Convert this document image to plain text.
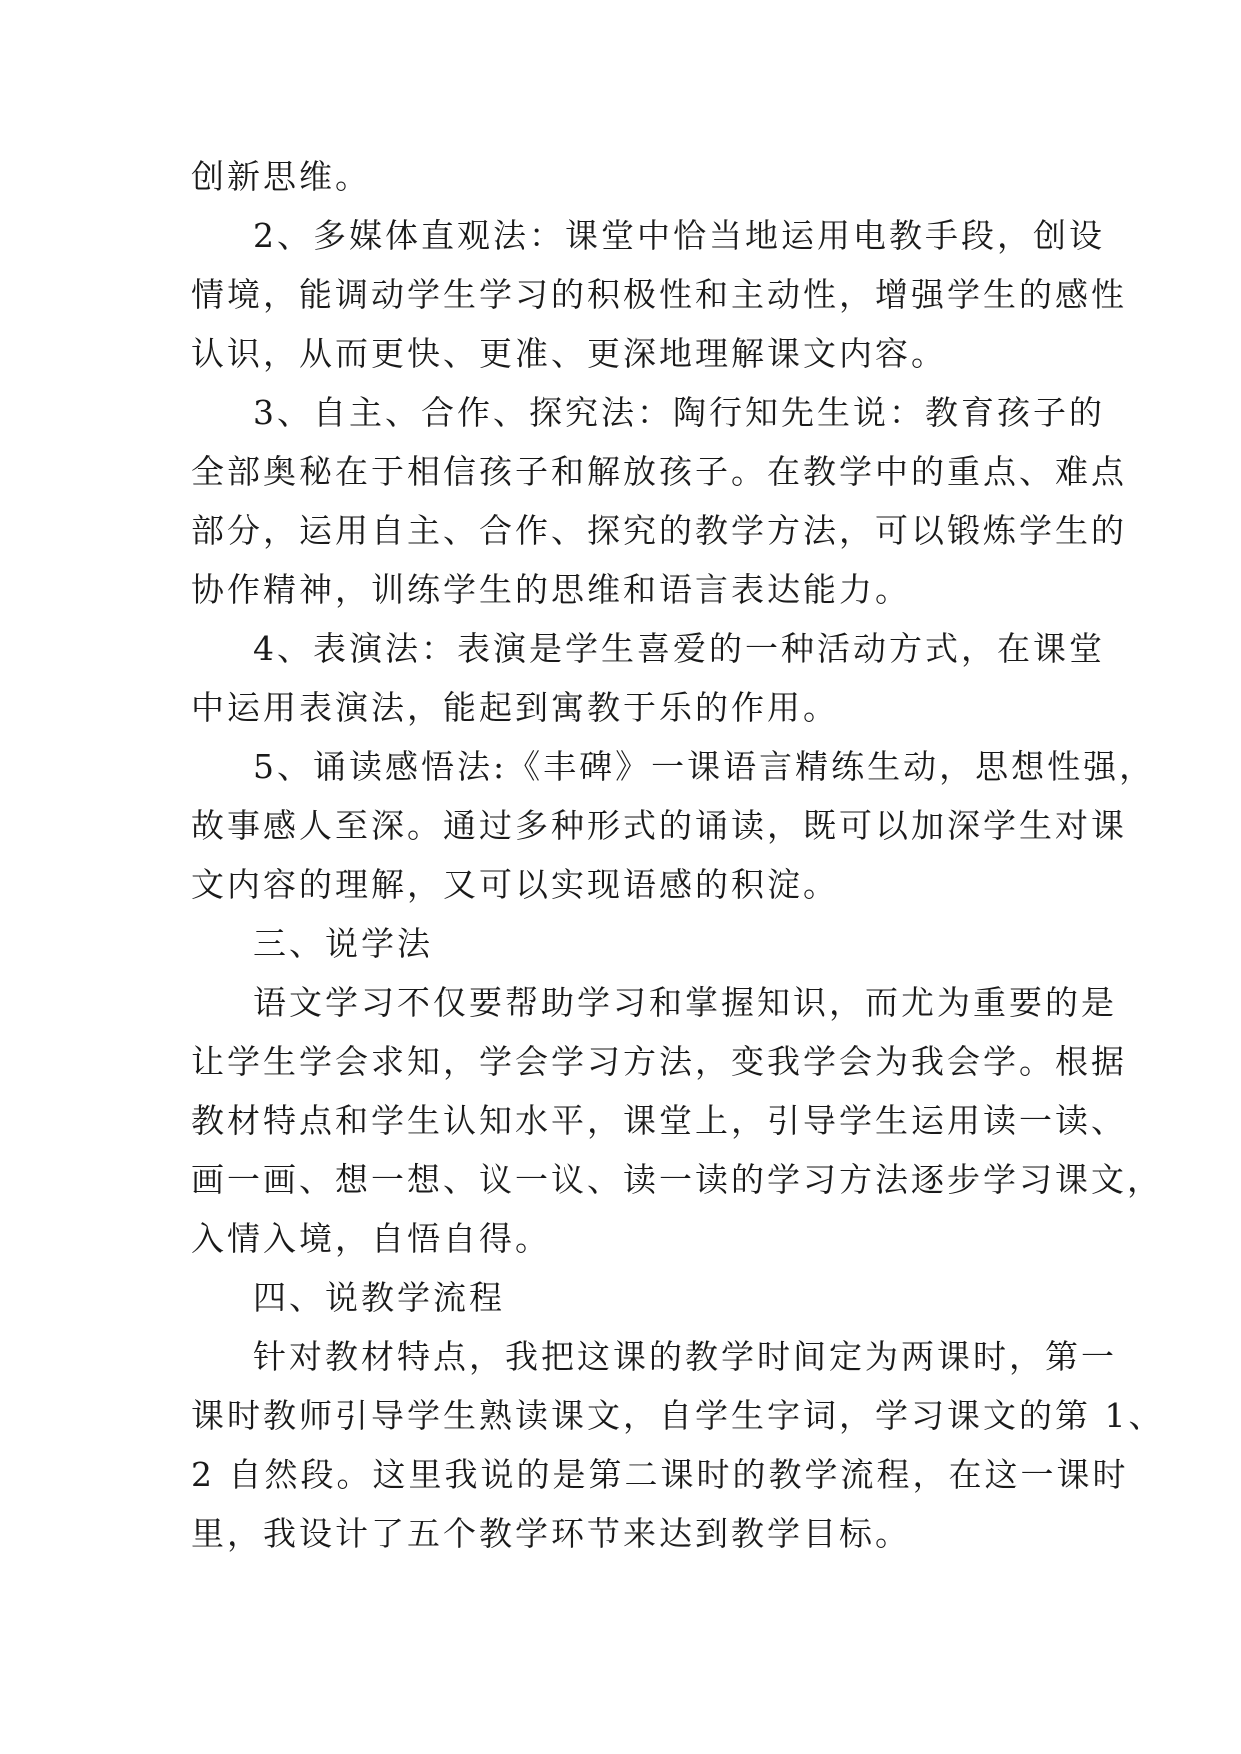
创新思维。
2、多媒体直观法：课堂中恰当地运用电教手段，创设
情境，能调动学生学习的积极性和主动性，增强学生的感性
认识，从而更快、更准、更深地理解课文内容。
3、自主、合作、探究法：陶行知先生说：教育孩子的
全部奥秘在于相信孩子和解放孩子。在教学中的重点、难点
部分，运用自主、合作、探究的教学方法，可以锻炼学生的
协作精神，训练学生的思维和语言表达能力。
4、表演法：表演是学生喜爱的一种活动方式，在课堂
中运用表演法，能起到寓教于乐的作用。
5、诵读感悟法:《丰碑》一课语言精练生动，思想性强，
故事感人至深。通过多种形式的诵读，既可以加深学生对课
文内容的理解，又可以实现语感的积淀。
三、说学法
语文学习不仅要帮助学习和掌握知识，而尤为重要的是
让学生学会求知，学会学习方法，变我学会为我会学。根据
教材特点和学生认知水平，课堂上，引导学生运用读一读、
画一画、想一想、议一议、读一读的学习方法逐步学习课文，
入情入境，自悟自得。
四、说教学流程
针对教材特点，我把这课的教学时间定为两课时，第一
课时教师引导学生熟读课文，自学生字词，学习课文的第 1、
2 自然段。这里我说的是第二课时的教学流程，在这一课时
里，我设计了五个教学环节来达到教学目标。
